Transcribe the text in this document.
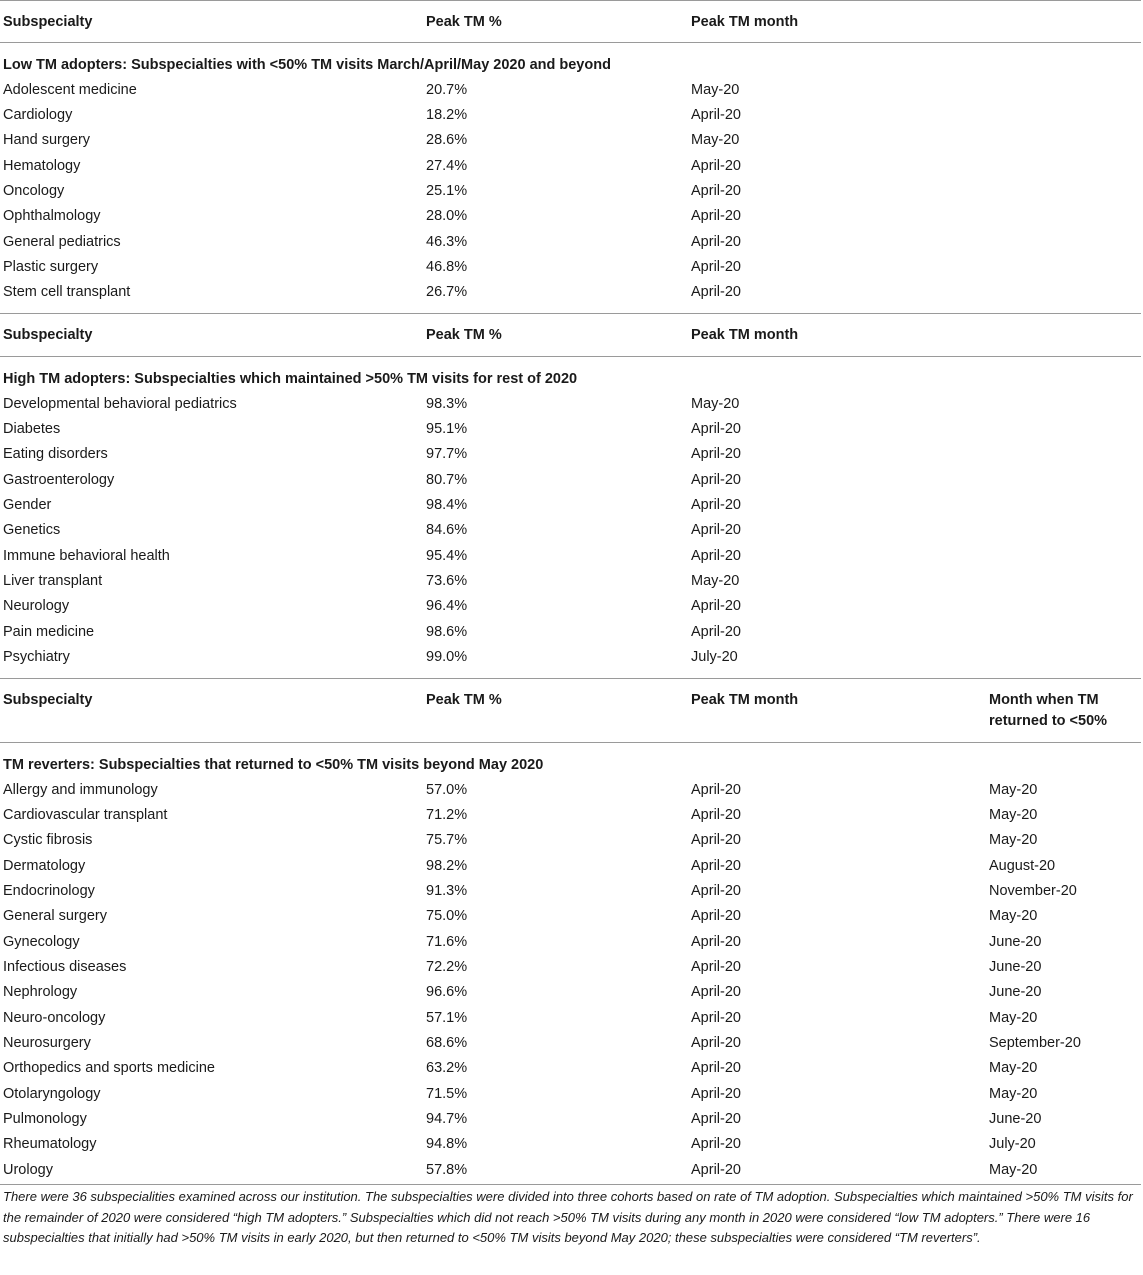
Subspecialty	Peak TM %	Peak TM month
Low TM adopters: Subspecialties with <50% TM visits March/April/May 2020 and beyond
Adolescent medicine	20.7%	May-20
Cardiology	18.2%	April-20
Hand surgery	28.6%	May-20
Hematology	27.4%	April-20
Oncology	25.1%	April-20
Ophthalmology	28.0%	April-20
General pediatrics	46.3%	April-20
Plastic surgery	46.8%	April-20
Stem cell transplant	26.7%	April-20
Subspecialty	Peak TM %	Peak TM month
High TM adopters: Subspecialties which maintained >50% TM visits for rest of 2020
Developmental behavioral pediatrics	98.3%	May-20
Diabetes	95.1%	April-20
Eating disorders	97.7%	April-20
Gastroenterology	80.7%	April-20
Gender	98.4%	April-20
Genetics	84.6%	April-20
Immune behavioral health	95.4%	April-20
Liver transplant	73.6%	May-20
Neurology	96.4%	April-20
Pain medicine	98.6%	April-20
Psychiatry	99.0%	July-20
Subspecialty	Peak TM %	Peak TM month	Month when TM
returned to <50%
TM reverters: Subspecialties that returned to <50% TM visits beyond May 2020
Allergy and immunology	57.0%	April-20	May-20
Cardiovascular transplant	71.2%	April-20	May-20
Cystic fibrosis	75.7%	April-20	May-20
Dermatology	98.2%	April-20	August-20
Endocrinology	91.3%	April-20	November-20
General surgery	75.0%	April-20	May-20
Gynecology	71.6%	April-20	June-20
Infectious diseases	72.2%	April-20	June-20
Nephrology	96.6%	April-20	June-20
Neuro-oncology	57.1%	April-20	May-20
Neurosurgery	68.6%	April-20	September-20
Orthopedics and sports medicine	63.2%	April-20	May-20
Otolaryngology	71.5%	April-20	May-20
Pulmonology	94.7%	April-20	June-20
Rheumatology	94.8%	April-20	July-20
Urology	57.8%	April-20	May-20
There were 36 subspecialities examined across our institution. The subspecialties were divided into three cohorts based on rate of TM adoption. Subspecialties which maintained >50% TM visits for the remainder of 2020 were considered “high TM adopters.” Subspecialties which did not reach >50% TM visits during any month in 2020 were considered “low TM adopters.” There were 16 subspecialties that initially had >50% TM visits in early 2020, but then returned to <50% TM visits beyond May 2020; these subspecialties were considered “TM reverters”.
